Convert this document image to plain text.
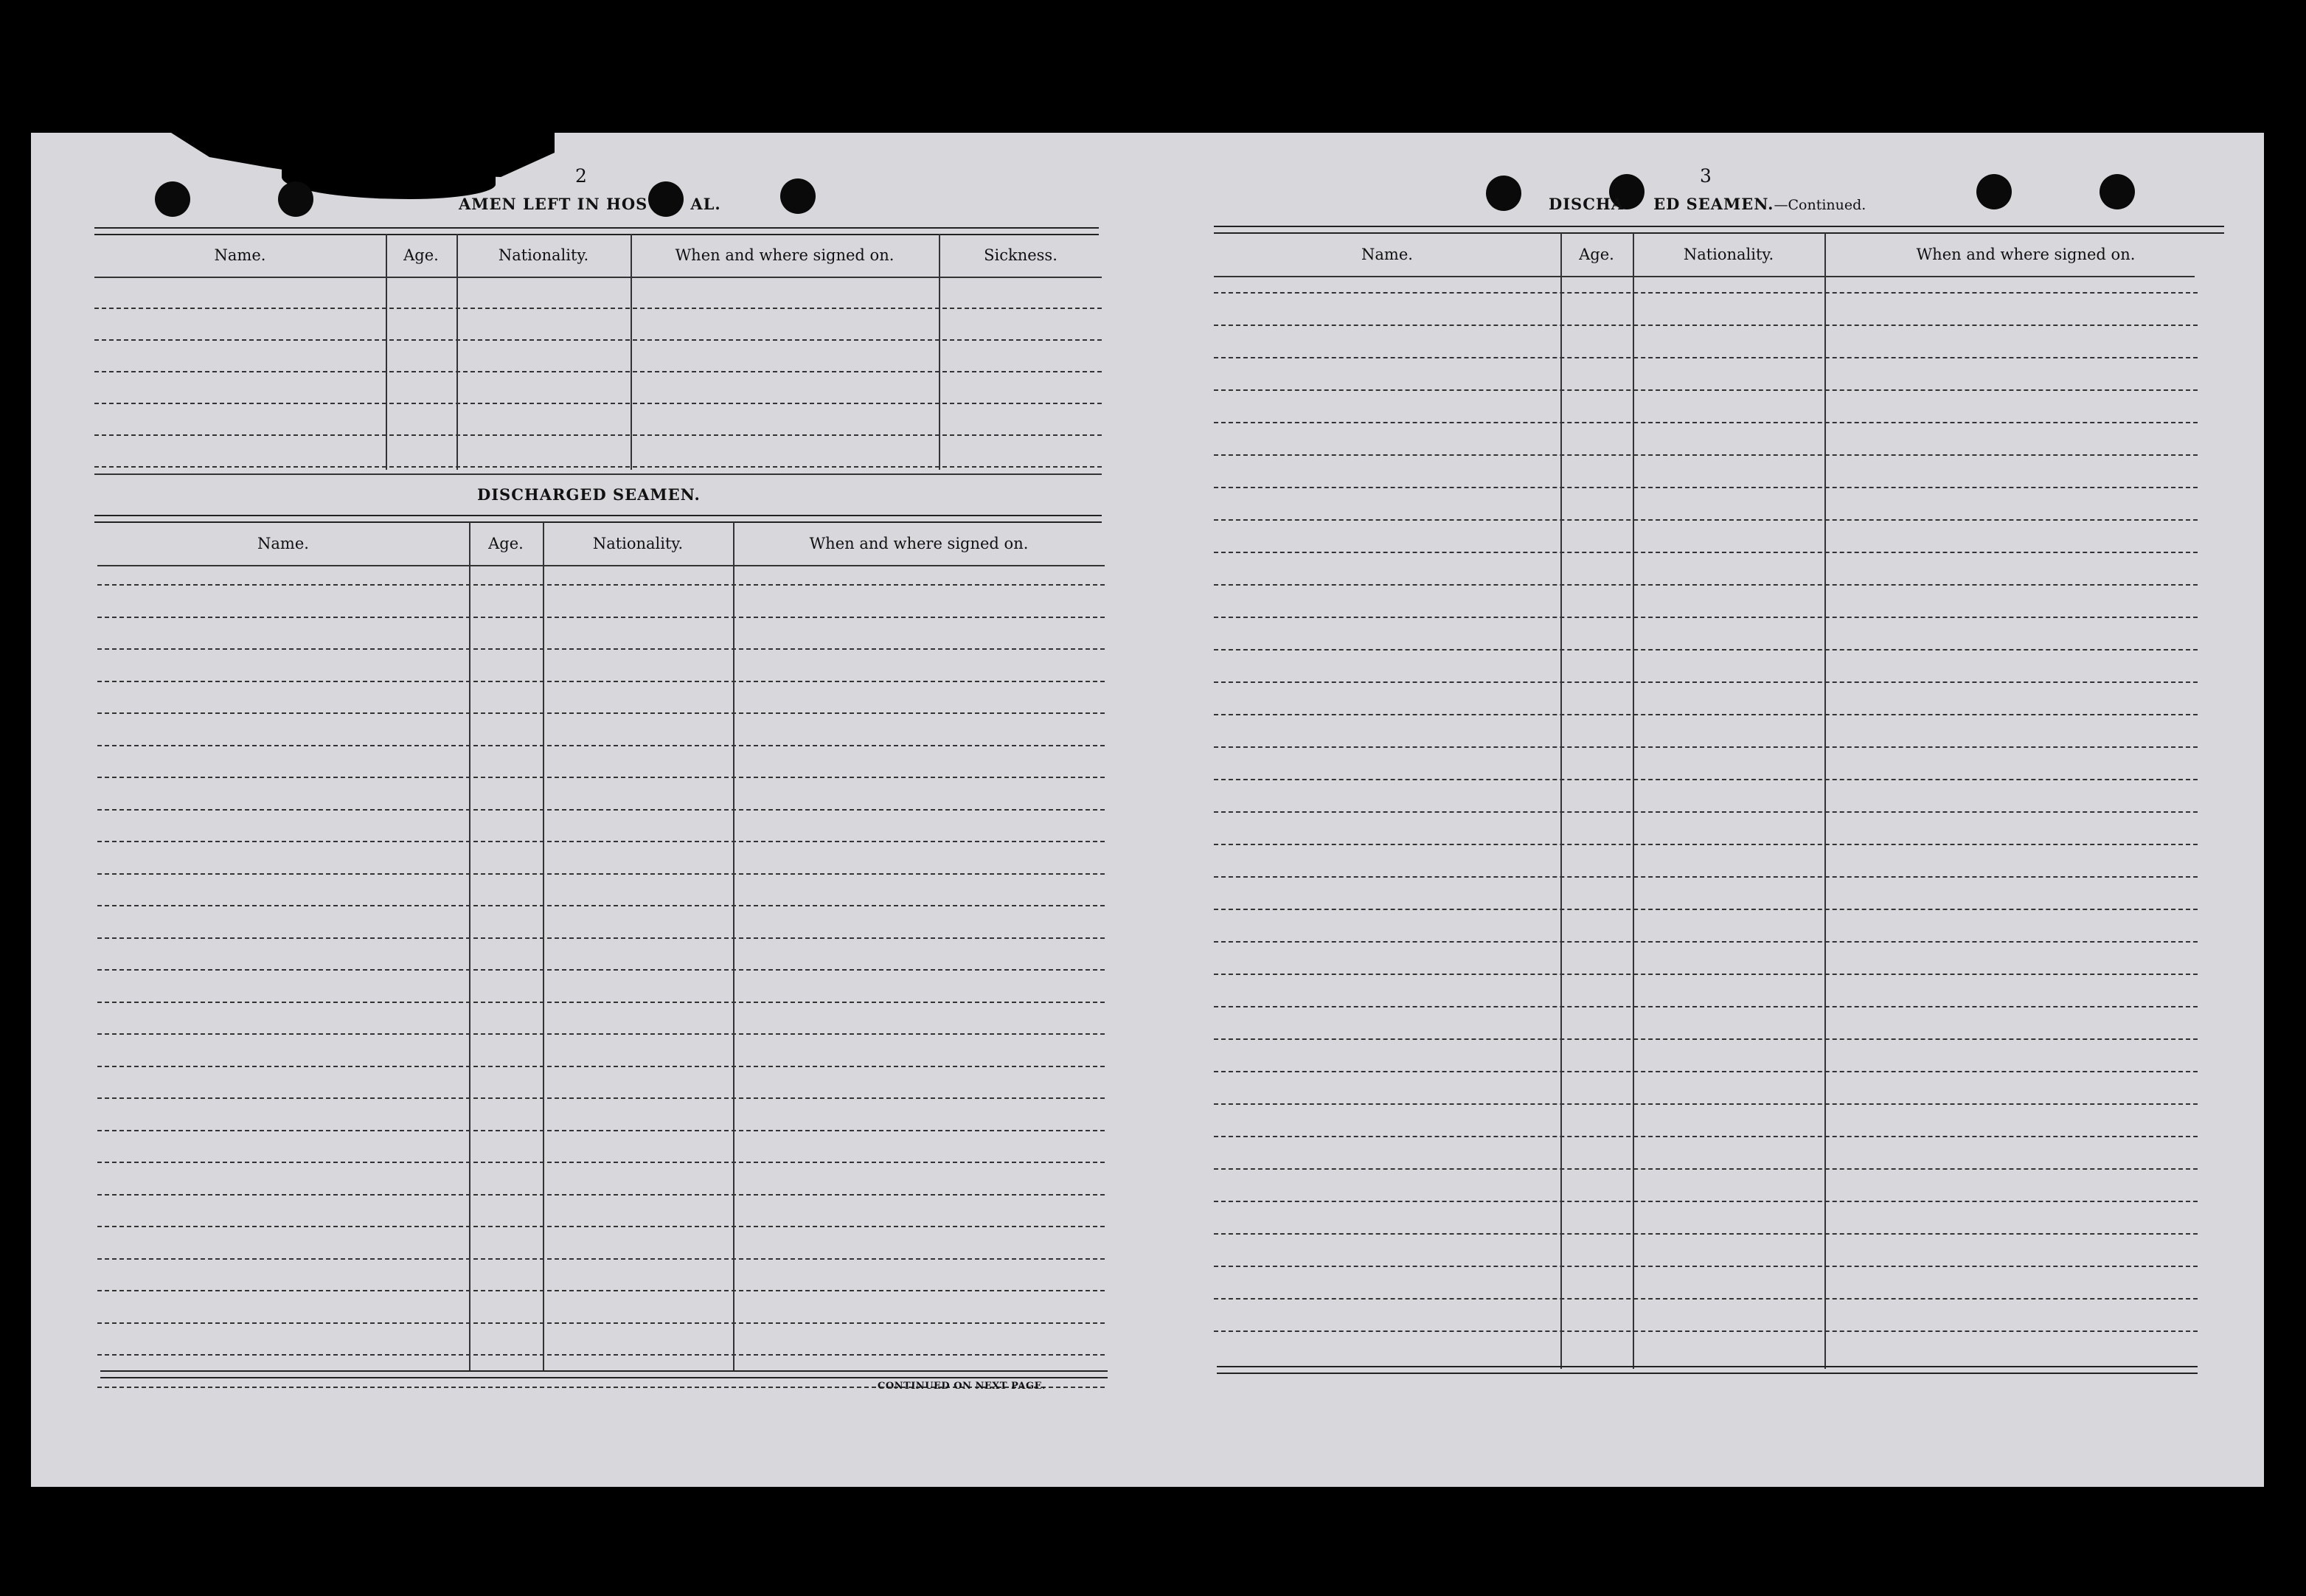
2
AMEN LEFT IN HOS	AL.
Name.	Age.	Nationality.	When and where signed on.	Sickness.
DISCHARGED SEAMEN.
Name.	Age.	Nationality.	When and where signed on.
CONTINUED ON NEXT PAGE.
3
DISCHA ED SEAMEN.—Continued.
Name.	Age.	Nationality.	When and where signed on.
